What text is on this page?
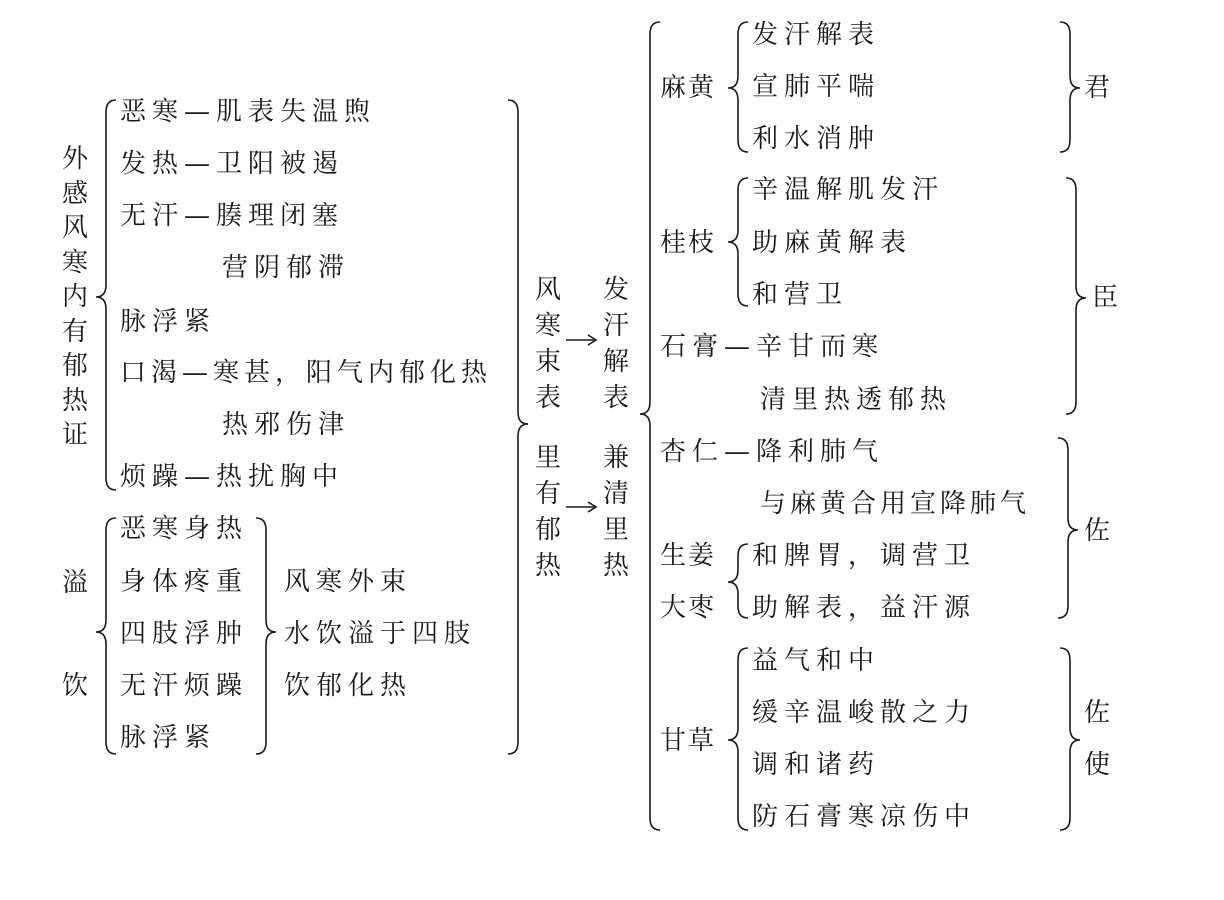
外感风寒内有郁热证
恶寒—肌表失温煦
发热—卫阳被遏
无汗—腠理闭塞
营阴郁滞
脉浮紧
口渴—寒甚，阳气内郁化热
热邪伤津
烦躁—热扰胸中
溢
饮
恶寒身热
身体疼重
四肢浮肿
无汗烦躁
脉浮紧
风寒外束
水饮溢于四肢
饮郁化热
风
寒
束
表
发
汗
解
表
里
有
郁
热
兼
清
里
热
麻黄
发汗解表
宣肺平喘
利水消肿
君
桂枝
辛温解肌发汗
助麻黄解表
和营卫
石膏—辛甘而寒
清里热透郁热
臣
杏仁—降利肺气
与麻黄合用宣降肺气
生姜
大枣
和脾胃，调营卫
助解表，益汗源
佐
甘草
益气和中
缓辛温峻散之力
调和诸药
防石膏寒凉伤中
佐
使
